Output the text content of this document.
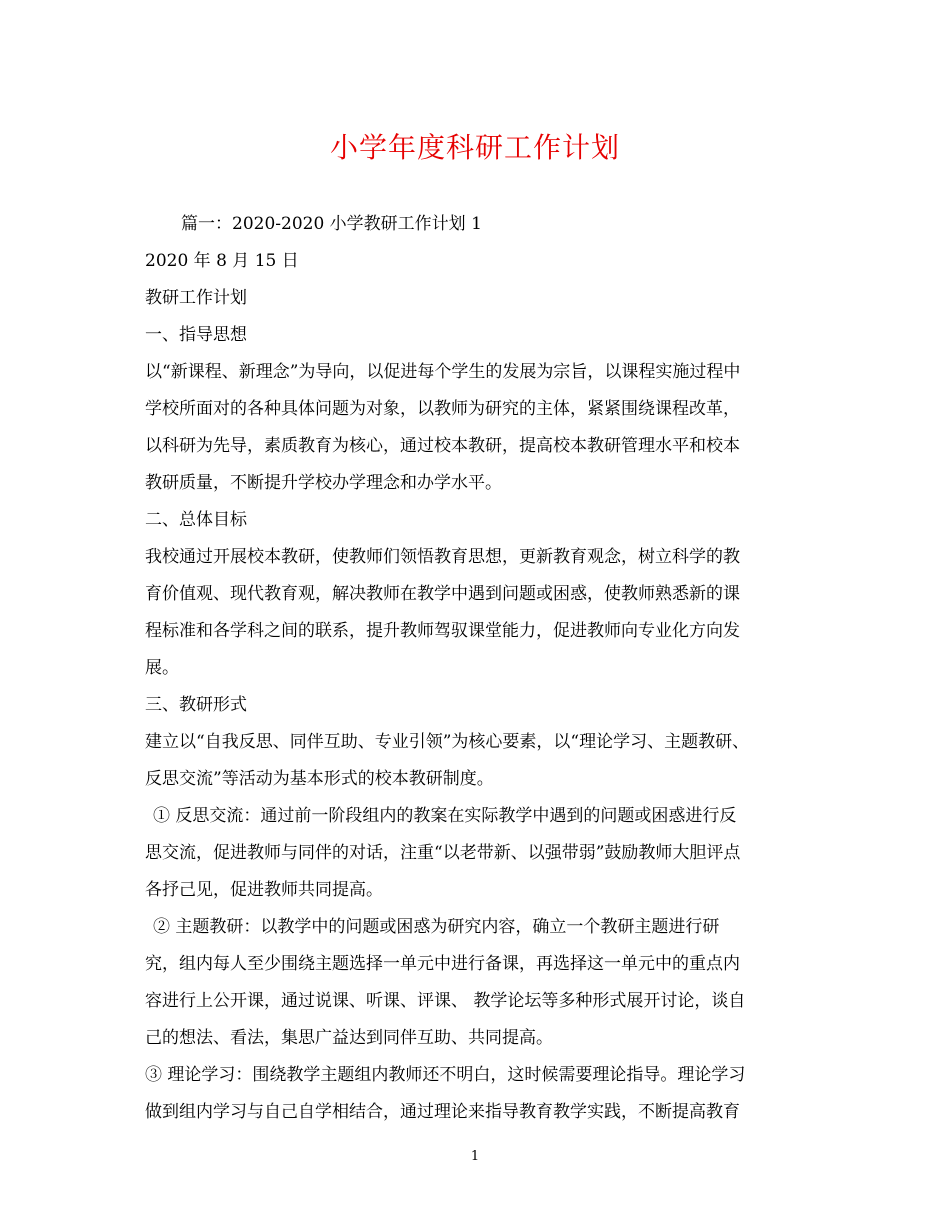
小学年度科研工作计划

篇一：2020-2020 小学教研工作计划 1

2020 年 8 月 15 日

教研工作计划

一、指导思想

以“新课程、新理念”为导向，以促进每个学生的发展为宗旨，以课程实施过程中

学校所面对的各种具体问题为对象，以教师为研究的主体，紧紧围绕课程改革，

以科研为先导，素质教育为核心，通过校本教研，提高校本教研管理水平和校本

教研质量，不断提升学校办学理念和办学水平。

二、总体目标

我校通过开展校本教研，使教师们领悟教育思想，更新教育观念，树立科学的教

育价值观、现代教育观，解决教师在教学中遇到问题或困惑，使教师熟悉新的课

程标准和各学科之间的联系，提升教师驾驭课堂能力，促进教师向专业化方向发

展。

三、教研形式

建立以“自我反思、同伴互助、专业引领”为核心要素，以“理论学习、主题教研、

反思交流”等活动为基本形式的校本教研制度。

① 反思交流：通过前一阶段组内的教案在实际教学中遇到的问题或困惑进行反

思交流，促进教师与同伴的对话，注重“以老带新、以强带弱”鼓励教师大胆评点

各抒己见，促进教师共同提高。

② 主题教研：以教学中的问题或困惑为研究内容，确立一个教研主题进行研

究，组内每人至少围绕主题选择一单元中进行备课，再选择这一单元中的重点内

容进行上公开课，通过说课、听课、评课、 教学论坛等多种形式展开讨论，谈自

己的想法、看法，集思广益达到同伴互助、共同提高。

③ 理论学习：围绕教学主题组内教师还不明白，这时候需要理论指导。理论学习

做到组内学习与自己自学相结合，通过理论来指导教育教学实践，不断提高教育

1
